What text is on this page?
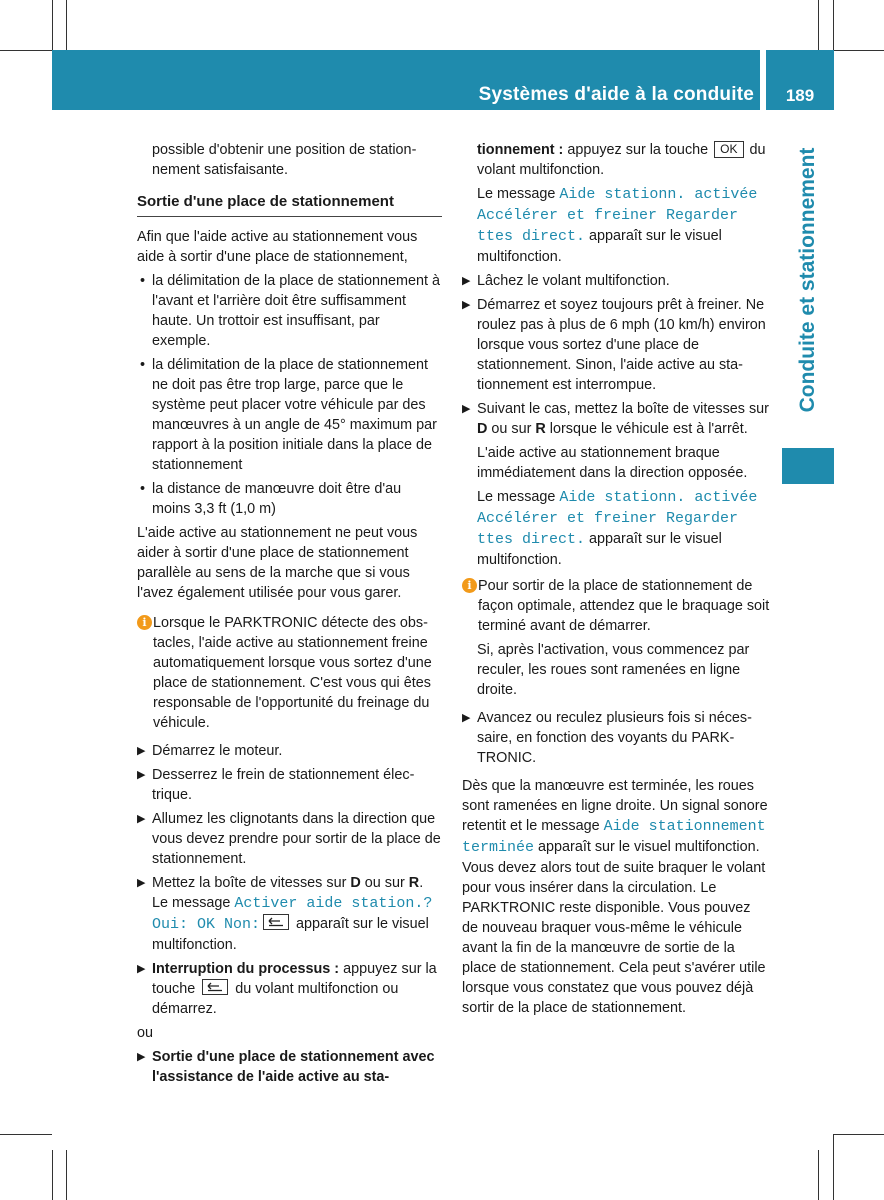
Systèmes d'aide à la conduite	189
Conduite et stationnement

possible d'obtenir une position de stationnement satisfaisante.

Sortie d'une place de stationnement

Afin que l'aide active au stationnement vous aide à sortir d'une place de stationnement,

• la délimitation de la place de stationnement à l'avant et l'arrière doit être suffisamment haute. Un trottoir est insuffisant, par exemple.
• la délimitation de la place de stationnement ne doit pas être trop large, parce que le système peut placer votre véhicule par des manœuvres à un angle de 45° maximum par rapport à la position initiale dans la place de stationnement
• la distance de manœuvre doit être d'au moins 3,3 ft (1,0 m)

L'aide active au stationnement ne peut vous aider à sortir d'une place de stationnement parallèle au sens de la marche que si vous l'avez également utilisée pour vous garer.

i Lorsque le PARKTRONIC détecte des obstacles, l'aide active au stationnement freine automatiquement lorsque vous sortez d'une place de stationnement. C'est vous qui êtes responsable de l'opportunité du freinage du véhicule.
▶ Démarrez le moteur.
▶ Desserrez le frein de stationnement électrique.
▶ Allumez les clignotants dans la direction que vous devez prendre pour sortir de la place de stationnement.
▶ Mettez la boîte de vitesses sur D ou sur R. Le message Activer aide station.? Oui: OK Non:
apparaît sur le visuel multifonction.
▶ Interruption du processus : appuyez sur la touche
du volant multifonction ou démarrez.

ou

▶ Sortie d'une place de stationnement avec l'assistance de l'aide active au sta-
tionnement : appuyez sur la touche OK du volant multifonction.
Le message Aide stationn. activée Accélérer et freiner Regarder ttes direct. apparaît sur le visuel multifonction.
▶ Lâchez le volant multifonction.
▶ Démarrez et soyez toujours prêt à freiner. Ne roulez pas à plus de 6 mph (10 km/h) environ lorsque vous sortez d'une place de stationnement. Sinon, l'aide active au stationnement est interrompue.
▶ Suivant le cas, mettez la boîte de vitesses sur D ou sur R lorsque le véhicule est à l'arrêt.

L'aide active au stationnement braque immédiatement dans la direction opposée.

Le message Aide stationn. activée Accélérer et freiner Regarder ttes direct. apparaît sur le visuel multifonction.
i Pour sortir de la place de stationnement de façon optimale, attendez que le braquage soit terminé avant de démarrer.

Si, après l'activation, vous commencez par reculer, les roues sont ramenées en ligne droite.

▶ Avancez ou reculez plusieurs fois si nécessaire, en fonction des voyants du PARKTRONIC.

Dès que la manœuvre est terminée, les roues sont ramenées en ligne droite. Un signal sonore retentit et le message Aide stationnement terminée apparaît sur le visuel multifonction. Vous devez alors tout de suite braquer le volant pour vous insérer dans la circulation. Le PARKTRONIC reste disponible. Vous pouvez de nouveau braquer vous-même le véhicule avant la fin de la manœuvre de sortie de la place de stationnement. Cela peut s'avérer utile lorsque vous constatez que vous pouvez déjà sortir de la place de stationnement.
